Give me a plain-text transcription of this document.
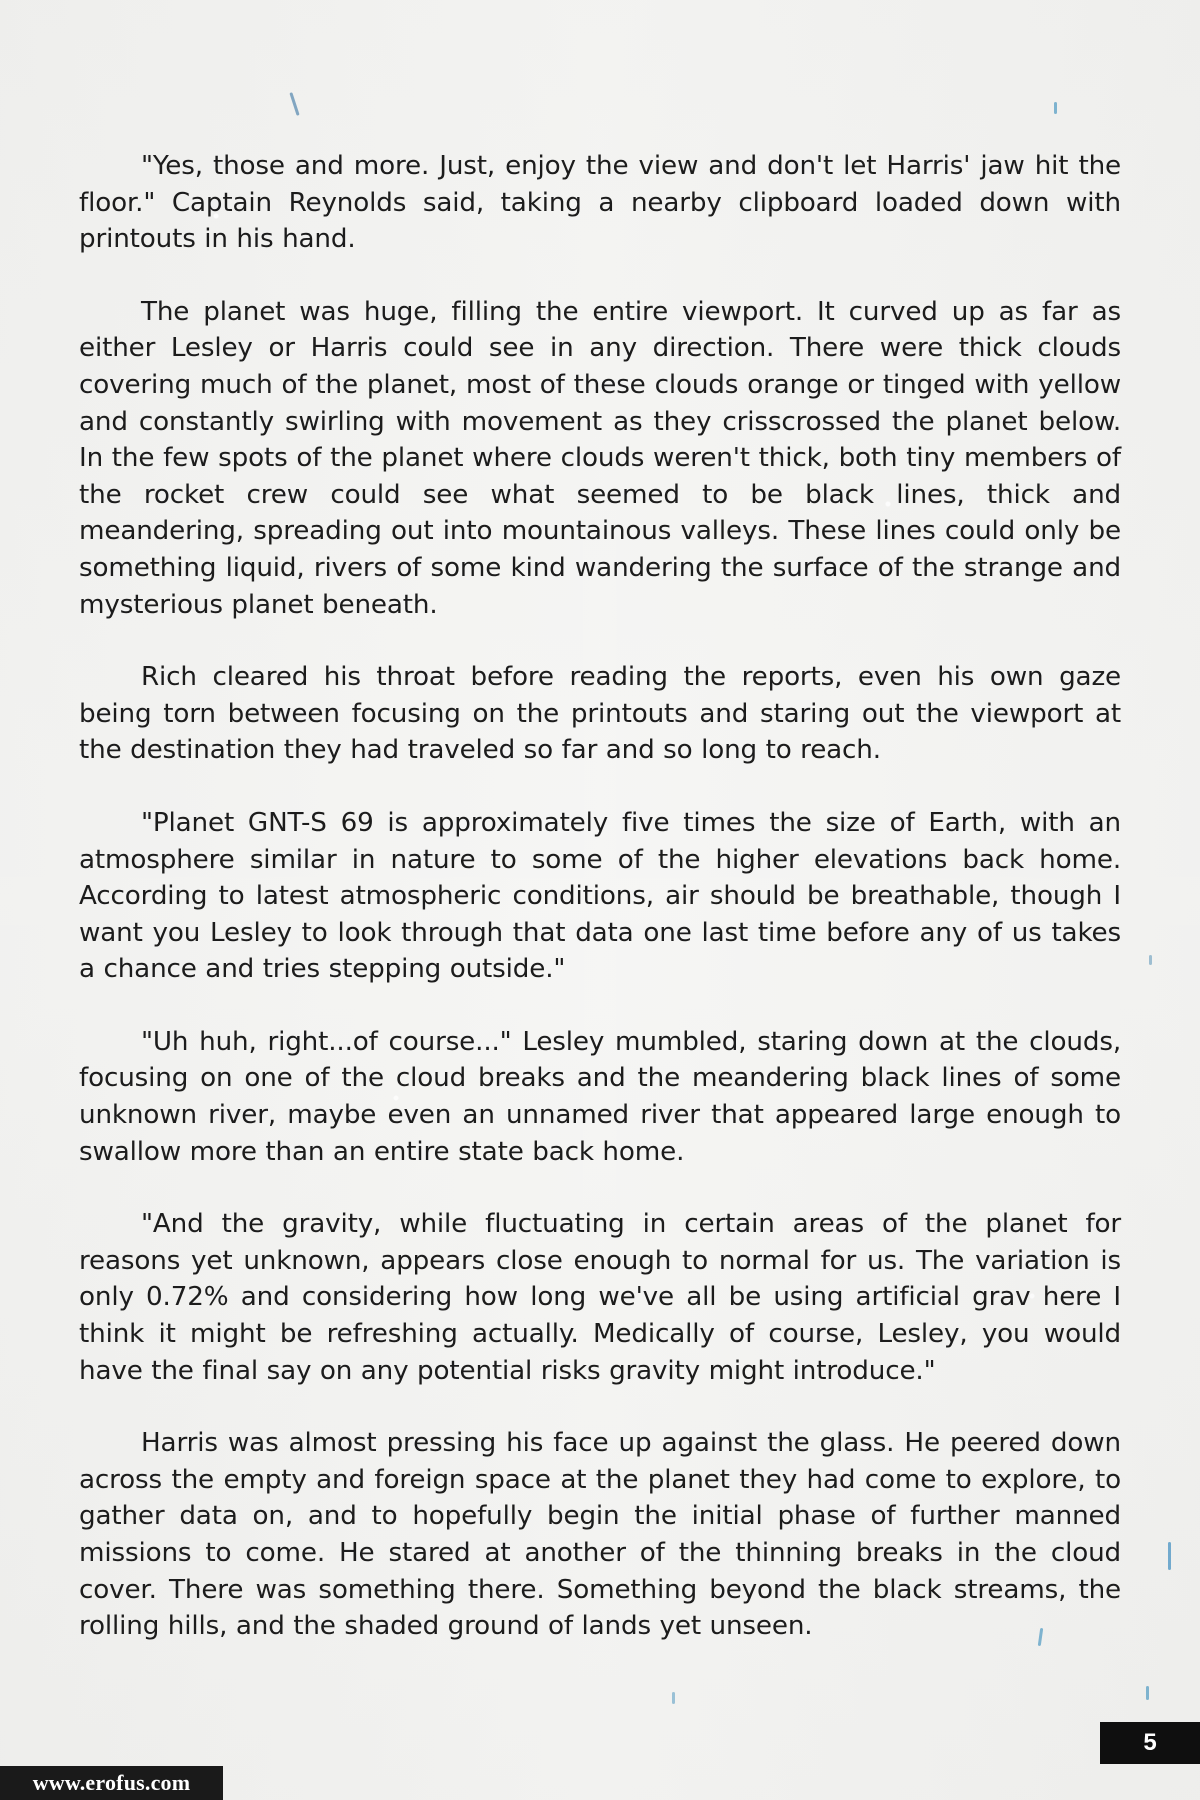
"Yes, those and more. Just, enjoy the view and don't let Harris' jaw hit the floor." Captain Reynolds said, taking a nearby clipboard loaded down with printouts in his hand.

The planet was huge, filling the entire viewport. It curved up as far as either Lesley or Harris could see in any direction. There were thick clouds covering much of the planet, most of these clouds orange or tinged with yellow and constantly swirling with movement as they crisscrossed the planet below. In the few spots of the planet where clouds weren't thick, both tiny members of the rocket crew could see what seemed to be black lines, thick and meandering, spreading out into mountainous valleys. These lines could only be something liquid, rivers of some kind wandering the surface of the strange and mysterious planet beneath.

Rich cleared his throat before reading the reports, even his own gaze being torn between focusing on the printouts and staring out the viewport at the destination they had traveled so far and so long to reach.

"Planet GNT-S 69 is approximately five times the size of Earth, with an atmosphere similar in nature to some of the higher elevations back home. According to latest atmospheric conditions, air should be breathable, though I want you Lesley to look through that data one last time before any of us takes a chance and tries stepping outside."

"Uh huh, right...of course..." Lesley mumbled, staring down at the clouds, focusing on one of the cloud breaks and the meandering black lines of some unknown river, maybe even an unnamed river that appeared large enough to swallow more than an entire state back home.

"And the gravity, while fluctuating in certain areas of the planet for reasons yet unknown, appears close enough to normal for us. The variation is only 0.72% and considering how long we've all be using artificial grav here I think it might be refreshing actually. Medically of course, Lesley, you would have the final say on any potential risks gravity might introduce."

Harris was almost pressing his face up against the glass. He peered down across the empty and foreign space at the planet they had come to explore, to gather data on, and to hopefully begin the initial phase of further manned missions to come. He stared at another of the thinning breaks in the cloud cover. There was something there. Something beyond the black streams, the rolling hills, and the shaded ground of lands yet unseen.

5
www.erofus.com
